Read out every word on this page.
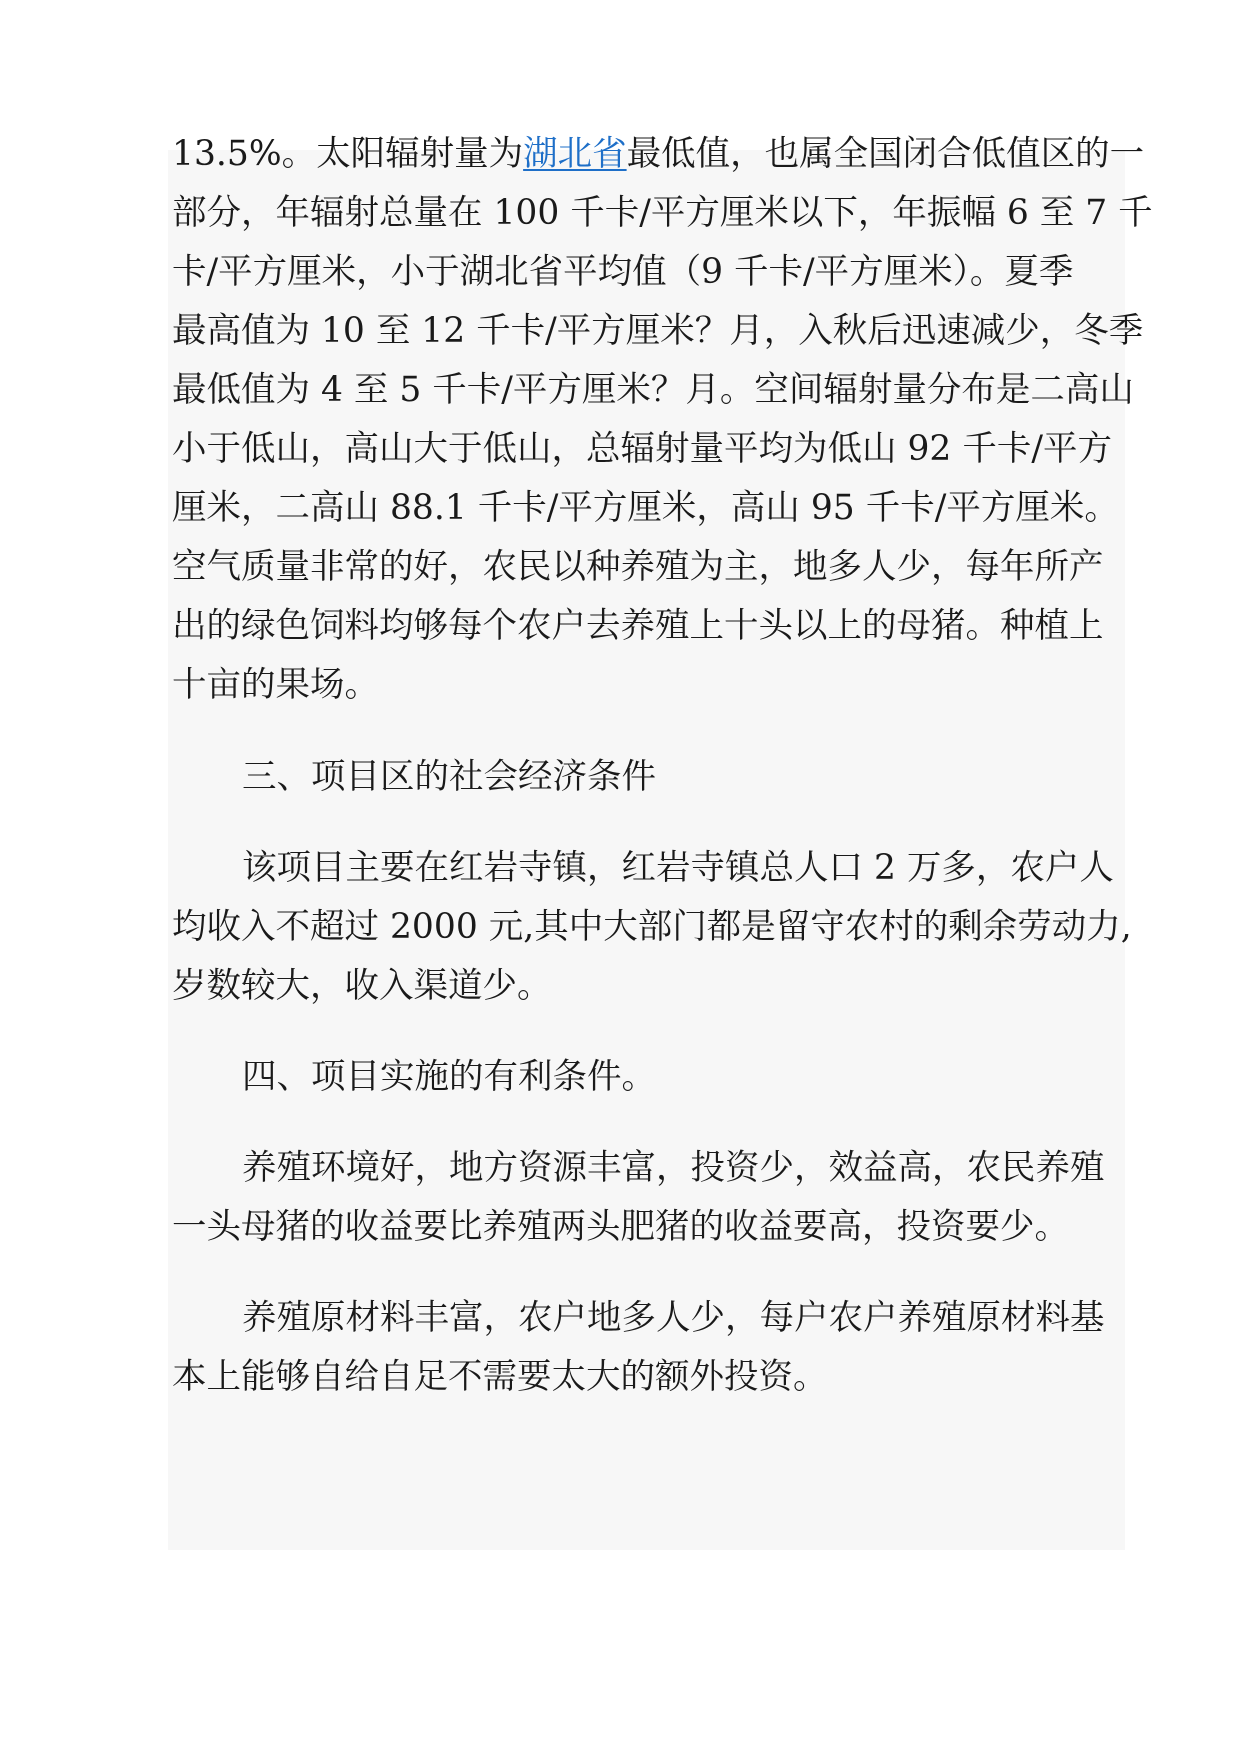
13.5%。太阳辐射量为湖北省最低值，也属全国闭合低值区的一
部分，年辐射总量在 100 千卡/平方厘米以下，年振幅 6 至 7 千
卡/平方厘米，小于湖北省平均值（9 千卡/平方厘米）。夏季
最高值为 10 至 12 千卡/平方厘米？月，入秋后迅速减少，冬季
最低值为 4 至 5 千卡/平方厘米？月。空间辐射量分布是二高山
小于低山，高山大于低山，总辐射量平均为低山 92 千卡/平方
厘米，二高山 88.1 千卡/平方厘米，高山 95 千卡/平方厘米。
空气质量非常的好，农民以种养殖为主，地多人少，每年所产
出的绿色饲料均够每个农户去养殖上十头以上的母猪。种植上
十亩的果场。
三、项目区的社会经济条件
该项目主要在红岩寺镇，红岩寺镇总人口 2 万多，农户人
均收入不超过 2000 元,其中大部门都是留守农村的剩余劳动力,
岁数较大，收入渠道少。
四、项目实施的有利条件。
养殖环境好，地方资源丰富，投资少，效益高，农民养殖
一头母猪的收益要比养殖两头肥猪的收益要高，投资要少。
养殖原材料丰富，农户地多人少，每户农户养殖原材料基
本上能够自给自足不需要太大的额外投资。
